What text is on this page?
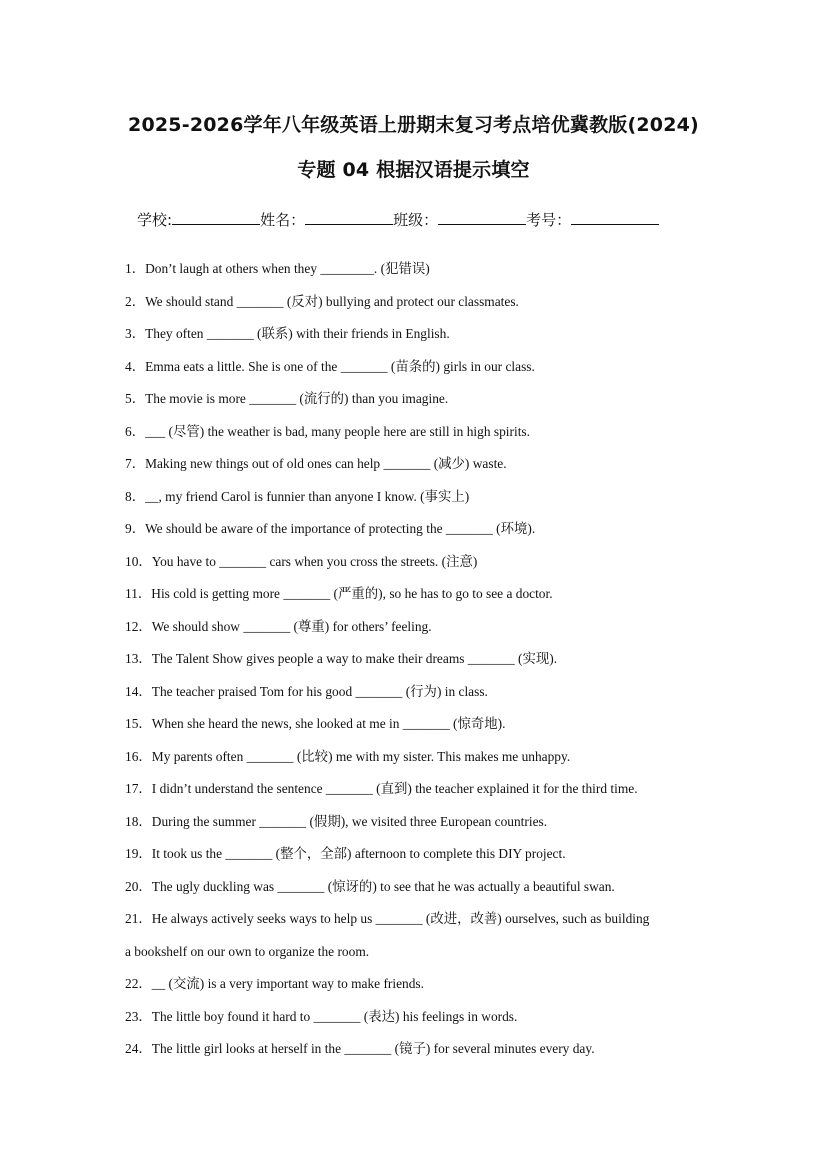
2025-2026学年八年级英语上册期末复习考点培优冀教版(2024)
专题 04 根据汉语提示填空
学校:	姓名：	班级：	考号：
1．Don’t laugh at others when they ________. (犯错误)
2．We should stand _______ (反对) bullying and protect our classmates.
3．They often _______ (联系) with their friends in English.
4．Emma eats a little. She is one of the _______ (苗条的) girls in our class.
5．The movie is more _______ (流行的) than you imagine.
6．___ (尽管) the weather is bad, many people here are still in high spirits.
7．Making new things out of old ones can help _______ (减少) waste.
8．__, my friend Carol is funnier than anyone I know. (事实上)
9．We should be aware of the importance of protecting the _______ (环境).
10．You have to _______ cars when you cross the streets. (注意)
11．His cold is getting more _______ (严重的), so he has to go to see a doctor.
12．We should show _______ (尊重) for others’ feeling.
13．The Talent Show gives people a way to make their dreams _______ (实现).
14．The teacher praised Tom for his good _______ (行为) in class.
15．When she heard the news, she looked at me in _______ (惊奇地).
16．My parents often _______ (比较) me with my sister. This makes me unhappy.
17．I didn’t understand the sentence _______ (直到) the teacher explained it for the third time.
18．During the summer _______ (假期), we visited three European countries.
19．It took us the _______ (整个，全部) afternoon to complete this DIY project.
20．The ugly duckling was _______ (惊讶的) to see that he was actually a beautiful swan.
21．He always actively seeks ways to help us _______ (改进，改善) ourselves, such as building
a bookshelf on our own to organize the room.
22．__ (交流) is a very important way to make friends.
23．The little boy found it hard to _______ (表达) his feelings in words.
24．The little girl looks at herself in the _______ (镜子) for several minutes every day.
